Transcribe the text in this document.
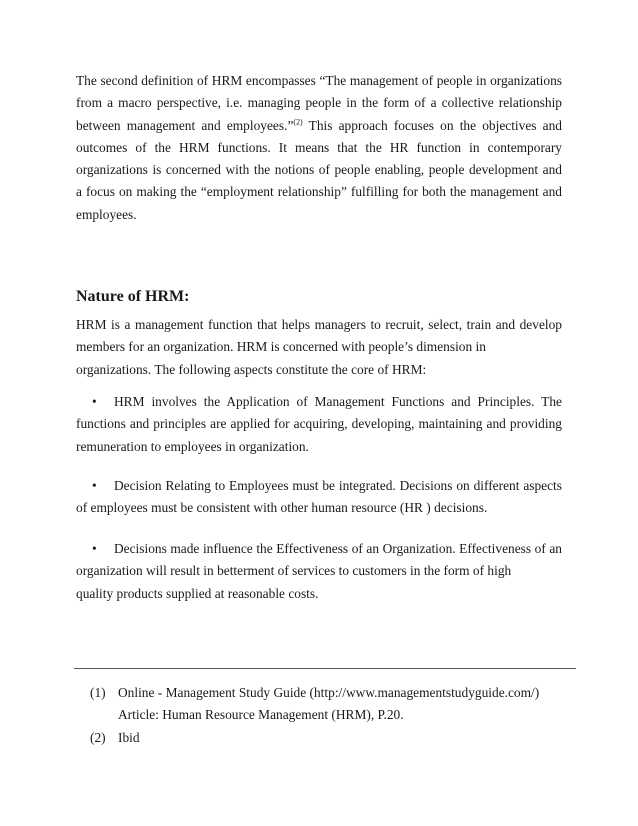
The second definition of HRM encompasses “The management of people in organizations
from a macro perspective, i.e. managing people in the form of a collective relationship
between management and employees.”$^{(2)}$ This approach focuses on the objectives and
outcomes of the HRM functions. It means that the HR function in contemporary
organizations is concerned with the notions of people enabling, people development and
a focus on making the “employment relationship” fulfilling for both the management and
employees.

Nature of HRM:

HRM is a management function that helps managers to recruit, select, train and develop
members for an organization. HRM is concerned with people’s dimension in
organizations. The following aspects constitute the core of HRM:

• HRM involves the Application of Management Functions and Principles. The
functions and principles are applied for acquiring, developing, maintaining and providing
remuneration to employees in organization.

• Decision Relating to Employees must be integrated. Decisions on different aspects
of employees must be consistent with other human resource (HR ) decisions.

• Decisions made influence the Effectiveness of an Organization. Effectiveness of an
organization will result in betterment of services to customers in the form of high
quality products supplied at reasonable costs.

(1) Online - Management Study Guide (http://www.managementstudyguide.com/)
Article: Human Resource Management (HRM), P.20.

(2) Ibid
